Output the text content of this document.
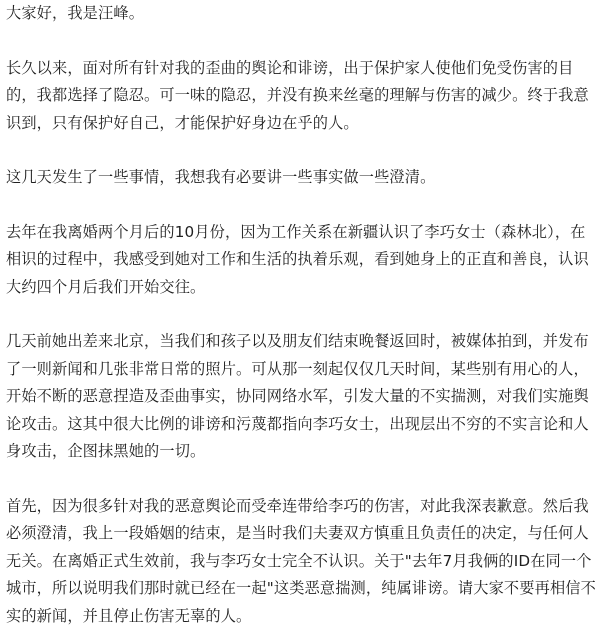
大家好，我是汪峰。

长久以来，面对所有针对我的歪曲的舆论和诽谤，出于保护家人使他们免受伤害的目的，我都选择了隐忍。可一味的隐忍，并没有换来丝毫的理解与伤害的减少。终于我意识到，只有保护好自己，才能保护好身边在乎的人。

这几天发生了一些事情，我想我有必要讲一些事实做一些澄清。

去年在我离婚两个月后的10月份，因为工作关系在新疆认识了李巧女士（森林北），在相识的过程中，我感受到她对工作和生活的执着乐观，看到她身上的正直和善良，认识大约四个月后我们开始交往。

几天前她出差来北京，当我们和孩子以及朋友们结束晚餐返回时，被媒体拍到，并发布了一则新闻和几张非常日常的照片。可从那一刻起仅仅几天时间，某些别有用心的人，开始不断的恶意捏造及歪曲事实，协同网络水军，引发大量的不实揣测，对我们实施舆论攻击。这其中很大比例的诽谤和污蔑都指向李巧女士，出现层出不穷的不实言论和人身攻击，企图抹黑她的一切。

首先，因为很多针对我的恶意舆论而受牵连带给李巧的伤害，对此我深表歉意。然后我必须澄清，我上一段婚姻的结束，是当时我们夫妻双方慎重且负责任的决定，与任何人无关。在离婚正式生效前，我与李巧女士完全不认识。关于"去年7月我俩的ID在同一个城市，所以说明我们那时就已经在一起"这类恶意揣测，纯属诽谤。请大家不要再相信不实的新闻，并且停止伤害无辜的人。
